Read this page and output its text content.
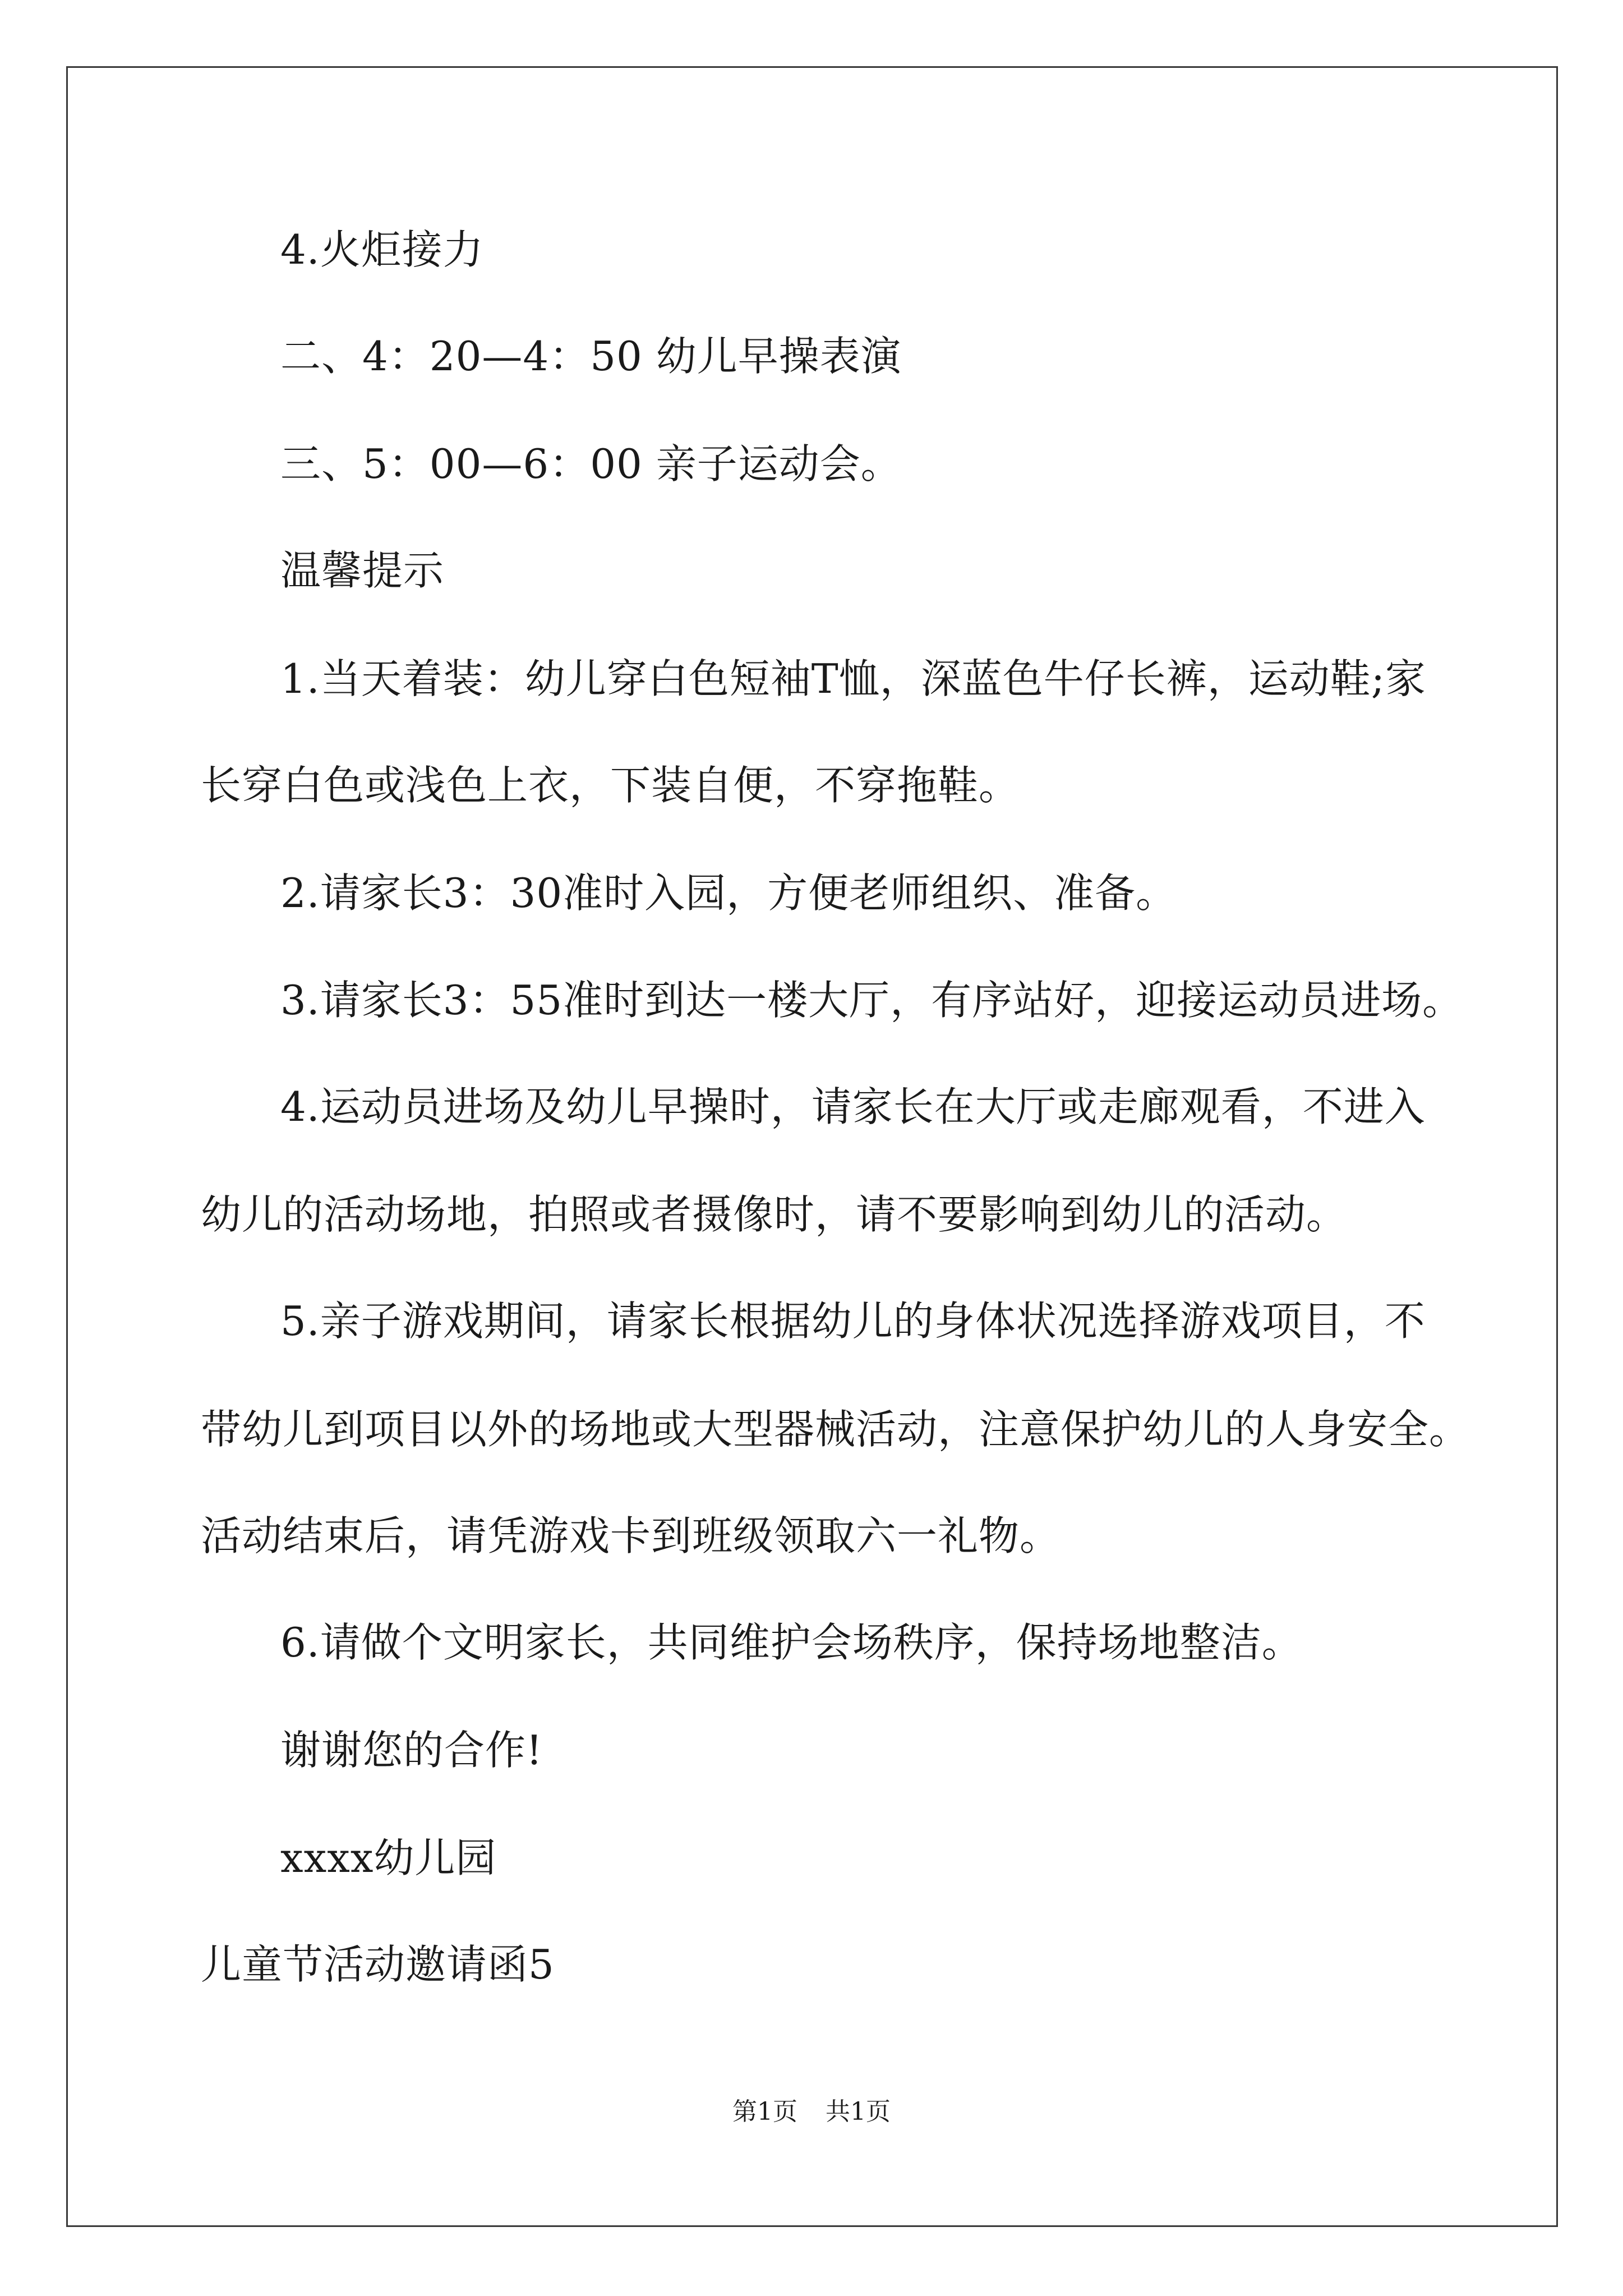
4.火炬接力
二、4：20—4：50 幼儿早操表演
三、5：00—6：00 亲子运动会。
温馨提示
1.当天着装：幼儿穿白色短袖T恤，深蓝色牛仔长裤，运动鞋;家
长穿白色或浅色上衣，下装自便，不穿拖鞋。
2.请家长3：30准时入园，方便老师组织、准备。
3.请家长3：55准时到达一楼大厅，有序站好，迎接运动员进场。
4.运动员进场及幼儿早操时，请家长在大厅或走廊观看，不进入
幼儿的活动场地，拍照或者摄像时，请不要影响到幼儿的活动。
5.亲子游戏期间，请家长根据幼儿的身体状况选择游戏项目，不
带幼儿到项目以外的场地或大型器械活动，注意保护幼儿的人身安全。
活动结束后，请凭游戏卡到班级领取六一礼物。
6.请做个文明家长，共同维护会场秩序，保持场地整洁。
谢谢您的合作!
xxxx幼儿园
儿童节活动邀请函5
第1页 共1页
